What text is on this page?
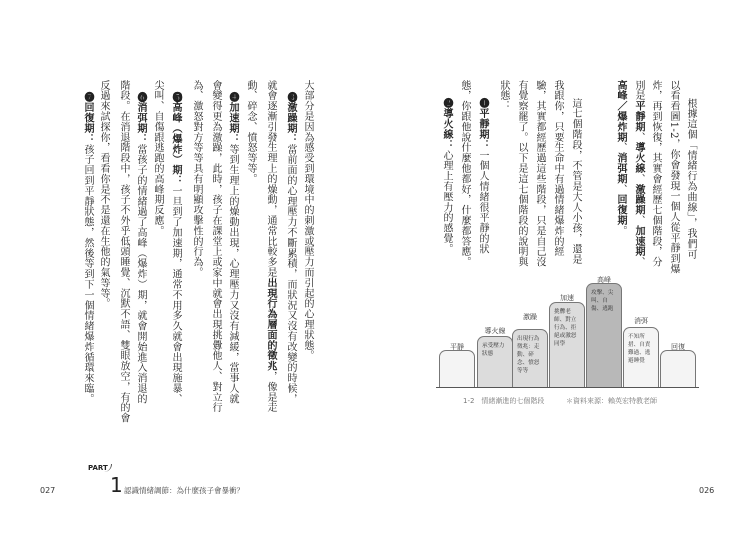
大部分是因為感受到環境中的刺激或壓力而引起的心理狀態。
❸激躁期：當前面的心理壓力不斷累積，而狀況又沒有改變的時候，
就會逐漸引發生理上的燥動，通常比較多是出現行為層面的徵兆，像是走
動、碎念、憤怒等等。
❹加速期：等到生理上的燥動出現，心理壓力又沒有減緩，當事人就
會變得更為激躁，此時，孩子在課堂上或家中就會出現挑釁他人、對立行
為、激怒對方等等具有明顯攻擊性的行為。
❺高峰（爆炸）期：一旦到了加速期，通常不用多久就會出現施暴、
尖叫、自傷跟逃跑的高峰期反應。
❻消弭期：當孩子的情緒過了高峰（爆炸）期，就會開始進入消退的
階段。在消退階段中，孩子不外乎低頭睡覺、沉默不語、雙眼放空，有的會
反過來試探你，看看你是不是還在生他的氣等等。
❼回復期：孩子回到平靜狀態，然後等到下一個情緒爆炸循環來臨。	根據這個「情緒行為曲線」，我們可
以看看圖1-2，你會發現一個人從平靜到爆
炸，再到恢復，其實會經歷七個階段，分
別是平靜期、導火線、激躁期、加速期、
高峰／爆炸期、消弭期、回復期。
這七個階段，不管是大人小孩，還是
我跟你，只要生命中有過情緒爆炸的經
驗，其實都經歷過這些階段，只是自己沒
有覺察罷了。以下是這七個階段的說明與
狀態：
❶平靜期：一個人情緒很平靜的狀
態，你跟他說什麼他都好，什麼都答應。
❷導火線：心理上有壓力的感覺。
平靜	承受壓力狀態
導火線
出現行為徵兆：走動、碎念、憤怒等等
激躁
挑釁老師、對立行為、拒絕或激怒同學
加速
攻擊、尖叫、自傷、逃跑
高峰
不知所措、自責難過、逃避睡覺
消弭
回復
1-2　情緒漸進的七個階段	＊資料來源：賴英宏特教老師
027	026
PART
1 認識情緒調節：為什麼孩子會暴衝？
